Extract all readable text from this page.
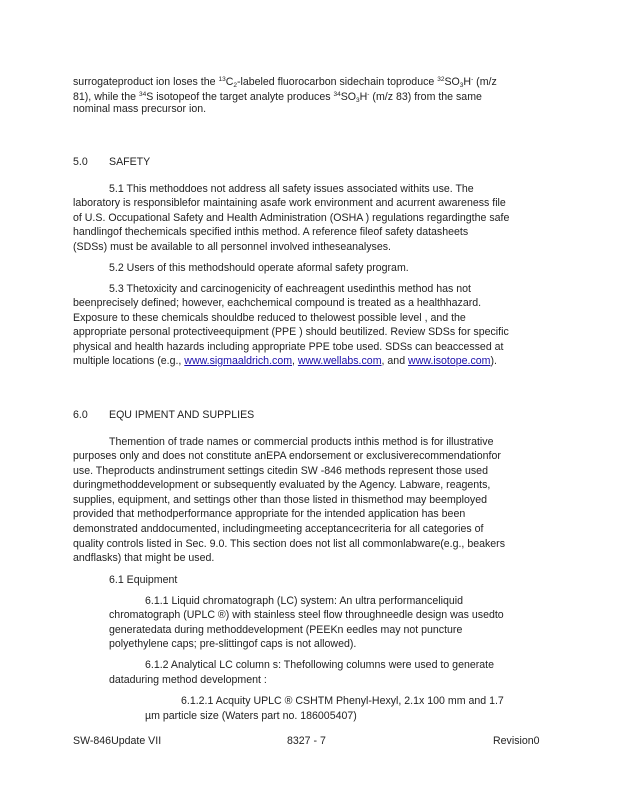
surrogateproduct ion loses the $^{13}C_2$-labeled fluorocarbon sidechain toproduce $^{32}SO_3H^-$ (m/z
81), while the $^{34}$S isotopeof the target analyte produces $^{34}SO_3H^-$ (m/z 83) from the same
nominal mass precursor ion.
5.0 SAFETY
5.1 This methoddoes not address all safety issues associated withits use. The
laboratory is responsiblefor maintaining asafe work environment and acurrent awareness file
of U.S. Occupational Safety and Health Administration (OSHA ) regulations regardingthe safe
handlingof thechemicals specified inthis method. A reference fileof safety datasheets
(SDSs) must be available to all personnel involved intheseanalyses.
5.2 Users of this methodshould operate aformal safety program.
5.3 Thetoxicity and carcinogenicity of eachreagent usedinthis method has not
beenprecisely defined; however, eachchemical compound is treated as a healthhazard.
Exposure to these chemicals shouldbe reduced to thelowest possible level , and the
appropriate personal protectiveequipment (PPE ) should beutilized. Review SDSs for specific
physical and health hazards including appropriate PPE tobe used. SDSs can beaccessed at
multiple locations (e.g., www.sigmaaldrich.com, www.wellabs.com, and www.isotope.com).
6.0 EQU IPMENT AND SUPPLIES
Themention of trade names or commercial products inthis method is for illustrative
purposes only and does not constitute anEPA endorsement or exclusiverecommendationfor
use. Theproducts andinstrument settings citedin SW -846 methods represent those used
duringmethoddevelopment or subsequently evaluated by the Agency. Labware, reagents,
supplies, equipment, and settings other than those listed in thismethod may beemployed
provided that methodperformance appropriate for the intended application has been
demonstrated anddocumented, includingmeeting acceptancecriteria for all categories of
quality controls listed in Sec. 9.0. This section does not list all commonlabware(e.g., beakers
andflasks) that might be used.
6.1 Equipment
6.1.1 Liquid chromatograph (LC) system: An ultra performanceliquid
chromatograph (UPLC ®) with stainless steel flow throughneedle design was usedto
generatedata during methoddevelopment (PEEKn eedles may not puncture
polyethylene caps; pre-slittingof caps is not allowed).
6.1.2 Analytical LC column s: Thefollowing columns were used to generate
dataduring method development :
6.1.2.1 Acquity UPLC ® CSHTM Phenyl-Hexyl, 2.1x 100 mm and 1.7
µm particle size (Waters part no. 186005407)
SW-846Update VII	8327 - 7	Revision0
